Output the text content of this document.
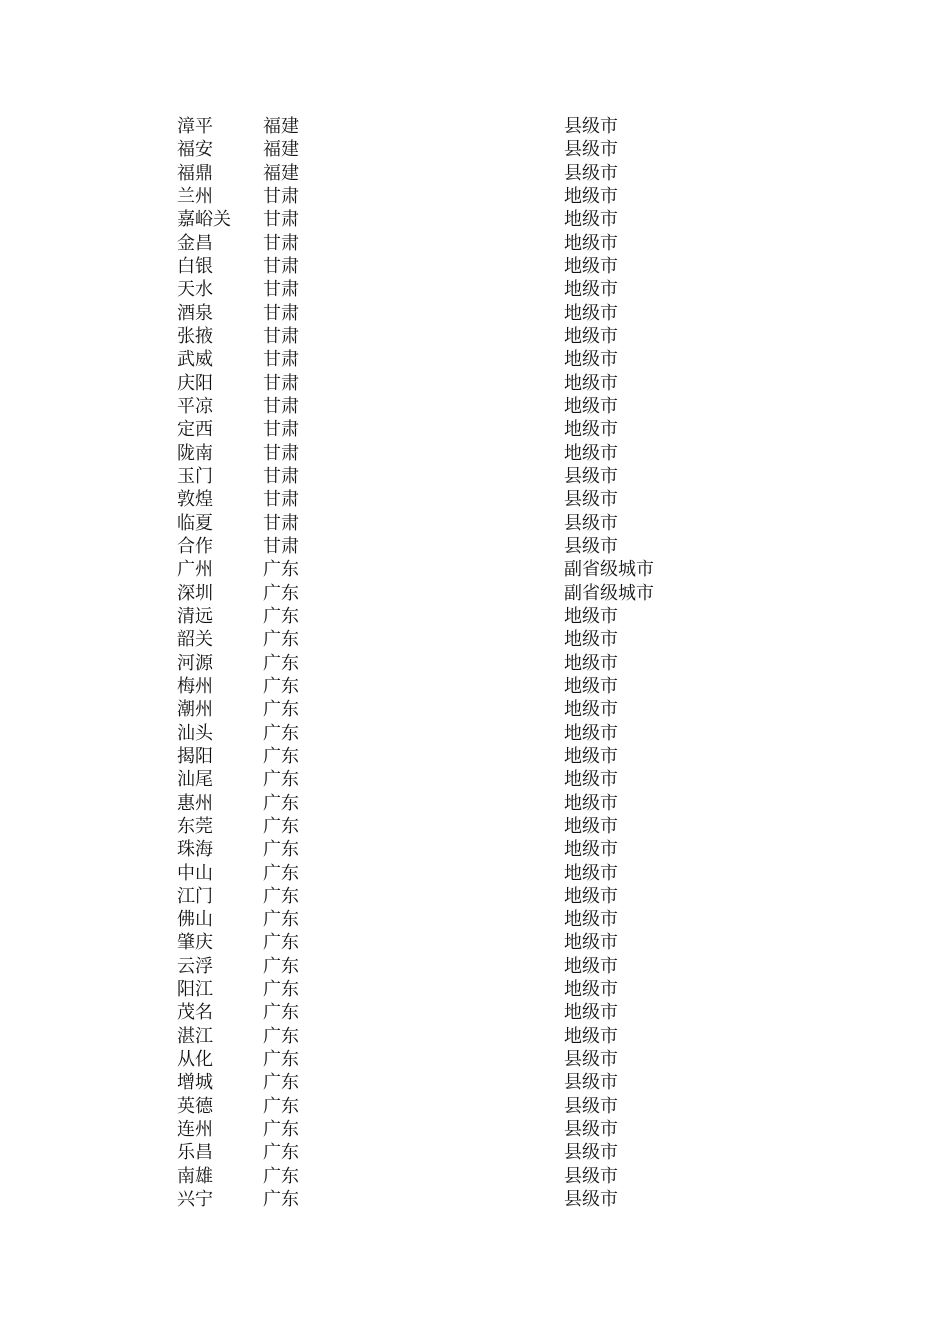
漳平	福建	县级市
福安	福建	县级市
福鼎	福建	县级市
兰州	甘肃	地级市
嘉峪关 甘肃	地级市
金昌	甘肃	地级市
白银	甘肃	地级市
天水	甘肃	地级市
酒泉	甘肃	地级市
张掖	甘肃	地级市
武威	甘肃	地级市
庆阳	甘肃	地级市
平凉	甘肃	地级市
定西	甘肃	地级市
陇南	甘肃	地级市
玉门	甘肃	县级市
敦煌	甘肃	县级市
临夏	甘肃	县级市
合作	甘肃	县级市
广州	广东	副省级城市
深圳	广东	副省级城市
清远	广东	地级市
韶关	广东	地级市
河源	广东	地级市
梅州	广东	地级市
潮州	广东	地级市
汕头	广东	地级市
揭阳	广东	地级市
汕尾	广东	地级市
惠州	广东	地级市
东莞	广东	地级市
珠海	广东	地级市
中山	广东	地级市
江门	广东	地级市
佛山	广东	地级市
肇庆	广东	地级市
云浮	广东	地级市
阳江	广东	地级市
茂名	广东	地级市
湛江	广东	地级市
从化	广东	县级市
增城	广东	县级市
英德	广东	县级市
连州	广东	县级市
乐昌	广东	县级市
南雄	广东	县级市
兴宁	广东	县级市
